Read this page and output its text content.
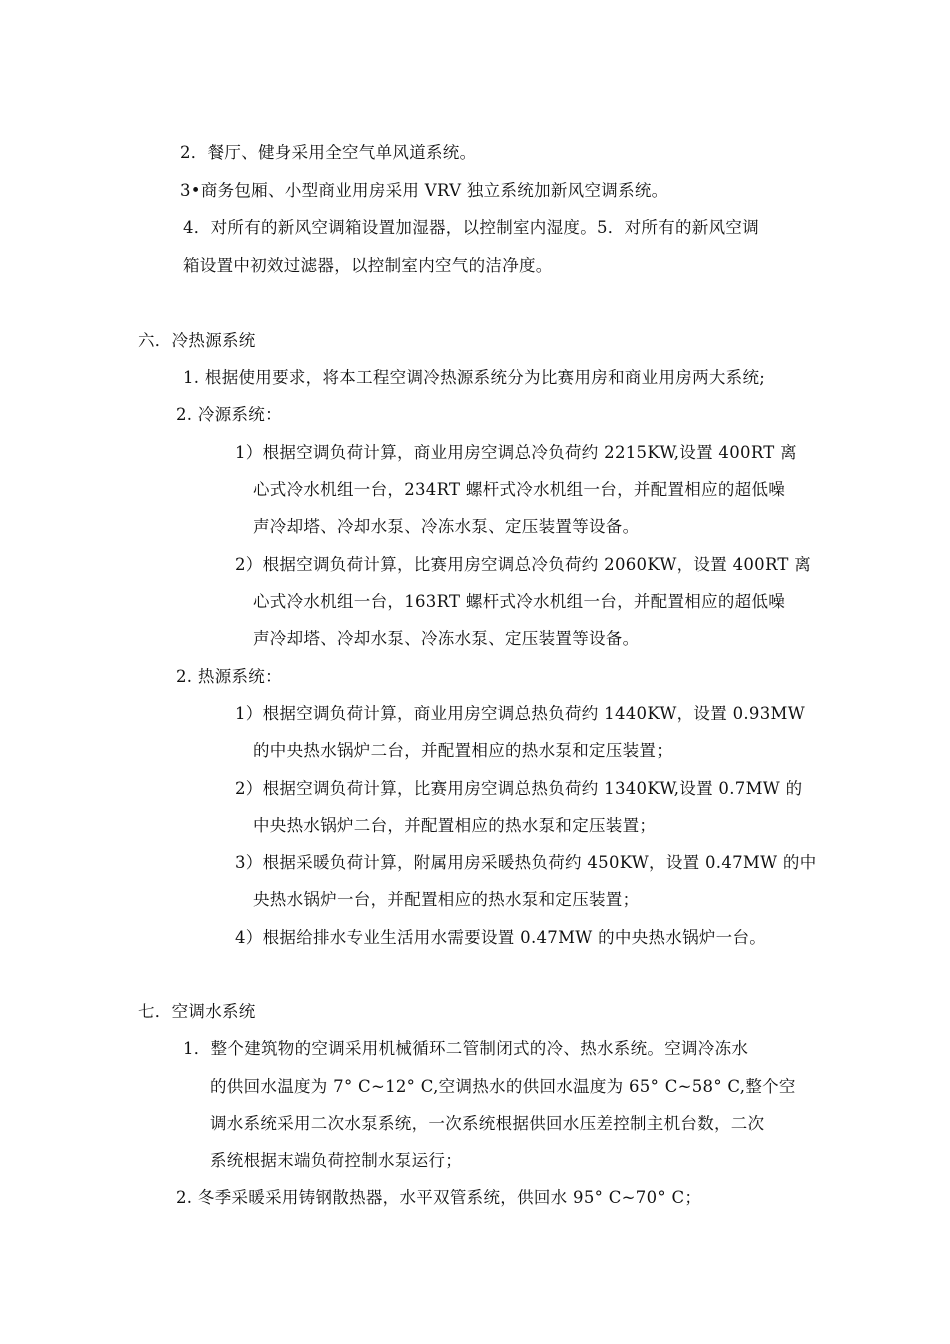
2．餐厅、健身采用全空气单风道系统。

3•商务包厢、小型商业用房采用 VRV 独立系统加新风空调系统。

4．对所有的新风空调箱设置加湿器，以控制室内湿度。5．对所有的新风空调

箱设置中初效过滤器，以控制室内空气的洁净度。

六．冷热源系统

1. 根据使用要求，将本工程空调冷热源系统分为比赛用房和商业用房两大系统;

2. 冷源系统：

1）根据空调负荷计算，商业用房空调总冷负荷约 2215KW,设置 400RT 离

心式冷水机组一台，234RT 螺杆式冷水机组一台，并配置相应的超低噪

声冷却塔、冷却水泵、冷冻水泵、定压装置等设备。

2）根据空调负荷计算，比赛用房空调总冷负荷约 2060KW，设置 400RT 离

心式冷水机组一台，163RT 螺杆式冷水机组一台，并配置相应的超低噪

声冷却塔、冷却水泵、冷冻水泵、定压装置等设备。

2. 热源系统：

1）根据空调负荷计算，商业用房空调总热负荷约 1440KW，设置 0.93MW

的中央热水锅炉二台，并配置相应的热水泵和定压装置；

2）根据空调负荷计算，比赛用房空调总热负荷约 1340KW,设置 0.7MW 的

中央热水锅炉二台，并配置相应的热水泵和定压装置；

3）根据采暖负荷计算，附属用房采暖热负荷约 450KW，设置 0.47MW 的中

央热水锅炉一台，并配置相应的热水泵和定压装置；

4）根据给排水专业生活用水需要设置 0.47MW 的中央热水锅炉一台。

七．空调水系统

1．整个建筑物的空调采用机械循环二管制闭式的冷、热水系统。空调冷冻水

的供回水温度为 7° C~12° C,空调热水的供回水温度为 65° C~58° C,整个空

调水系统采用二次水泵系统，一次系统根据供回水压差控制主机台数，二次

系统根据末端负荷控制水泵运行；

2. 冬季采暖采用铸钢散热器，水平双管系统，供回水 95° C~70° C；
